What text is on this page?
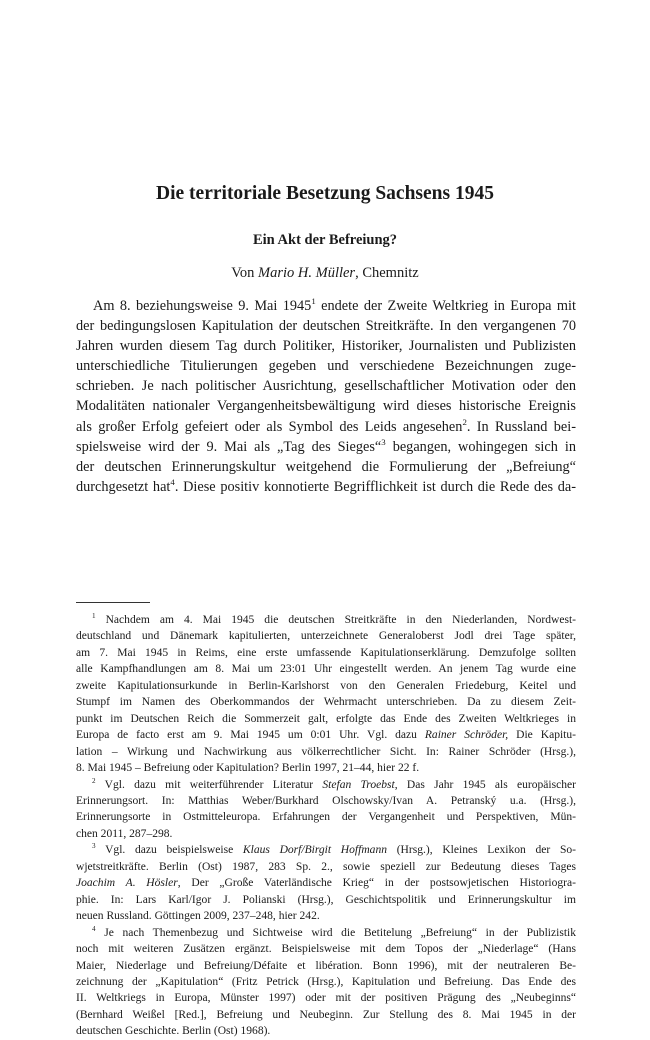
Die territoriale Besetzung Sachsens 1945
Ein Akt der Befreiung?

Von Mario H. Müller, Chemnitz

Am 8. beziehungsweise 9. Mai 1945$^1$ endete der Zweite Weltkrieg in Europa mit
der bedingungslosen Kapitulation der deutschen Streitkräfte. In den vergangenen 70
Jahren wurden diesem Tag durch Politiker, Historiker, Journalisten und Publizisten
unterschiedliche Titulierungen gegeben und verschiedene Bezeichnungen zuge-
schrieben. Je nach politischer Ausrichtung, gesellschaftlicher Motivation oder den
Modalitäten nationaler Vergangenheitsbewältigung wird dieses historische Ereignis
als großer Erfolg gefeiert oder als Symbol des Leids angesehen$^2$. In Russland bei-
spielsweise wird der 9. Mai als „Tag des Sieges“$^3$ begangen, wohingegen sich in
der deutschen Erinnerungskultur weitgehend die Formulierung der „Befreiung“
durchgesetzt hat$^4$. Diese positiv konnotierte Begrifflichkeit ist durch die Rede des da-
$^1$ Nachdem am 4. Mai 1945 die deutschen Streitkräfte in den Niederlanden, Nordwest-
deutschland und Dänemark kapitulierten, unterzeichnete Generaloberst Jodl drei Tage später,
am 7. Mai 1945 in Reims, eine erste umfassende Kapitulationserklärung. Demzufolge sollten
alle Kampfhandlungen am 8. Mai um 23:01 Uhr eingestellt werden. An jenem Tag wurde eine
zweite Kapitulationsurkunde in Berlin-Karlshorst von den Generalen Friedeburg, Keitel und
Stumpf im Namen des Oberkommandos der Wehrmacht unterschrieben. Da zu diesem Zeit-
punkt im Deutschen Reich die Sommerzeit galt, erfolgte das Ende des Zweiten Weltkrieges in
Europa de facto erst am 9. Mai 1945 um 0:01 Uhr. Vgl. dazu Rainer Schröder, Die Kapitu-
lation – Wirkung und Nachwirkung aus völkerrechtlicher Sicht. In: Rainer Schröder (Hrsg.),
8. Mai 1945 – Befreiung oder Kapitulation? Berlin 1997, 21–44, hier 22 f.
$^2$ Vgl. dazu mit weiterführender Literatur Stefan Troebst, Das Jahr 1945 als europäischer
Erinnerungsort. In: Matthias Weber/Burkhard Olschowsky/Ivan A. Petranský u.a. (Hrsg.),
Erinnerungsorte in Ostmitteleuropa. Erfahrungen der Vergangenheit und Perspektiven, Mün-
chen 2011, 287–298.
$^3$ Vgl. dazu beispielsweise Klaus Dorf/Birgit Hoffmann (Hrsg.), Kleines Lexikon der So-
wjetstreitkräfte. Berlin (Ost) 1987, 283 Sp. 2., sowie speziell zur Bedeutung dieses Tages
Joachim A. Hösler, Der „Große Vaterländische Krieg“ in der postsowjetischen Historiogra-
phie. In: Lars Karl/Igor J. Polianski (Hrsg.), Geschichtspolitik und Erinnerungskultur im
neuen Russland. Göttingen 2009, 237–248, hier 242.
$^4$ Je nach Themenbezug und Sichtweise wird die Betitelung „Befreiung“ in der Publizistik
noch mit weiteren Zusätzen ergänzt. Beispielsweise mit dem Topos der „Niederlage“ (Hans
Maier, Niederlage und Befreiung/Défaite et libération. Bonn 1996), mit der neutraleren Be-
zeichnung der „Kapitulation“ (Fritz Petrick (Hrsg.), Kapitulation und Befreiung. Das Ende des
II. Weltkriegs in Europa, Münster 1997) oder mit der positiven Prägung des „Neubeginns“
(Bernhard Weißel [Red.], Befreiung und Neubeginn. Zur Stellung des 8. Mai 1945 in der
deutschen Geschichte. Berlin (Ost) 1968).
